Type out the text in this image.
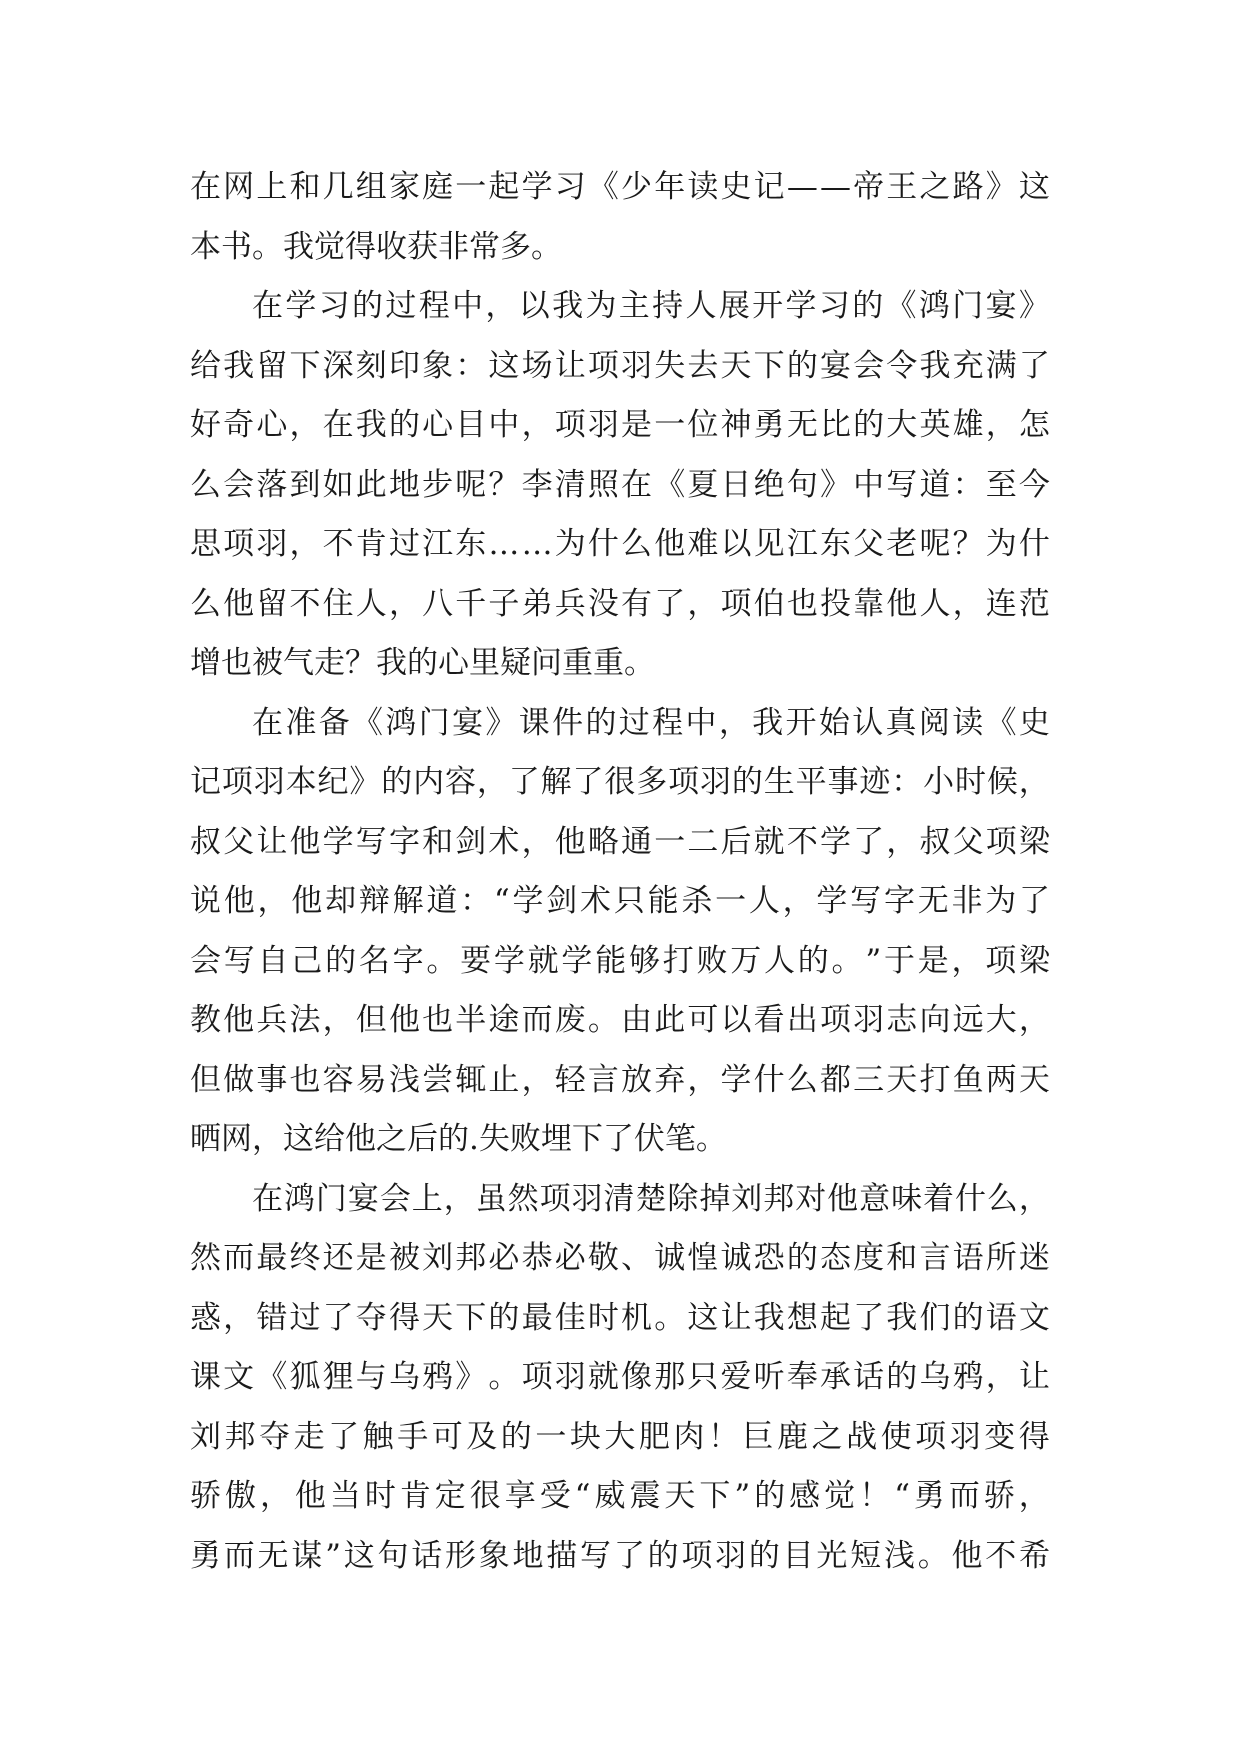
在 网 上 和 几 组 家 庭 一 起 学 习 《 少 年 读 史 记 — — 帝 王 之 路 》 这
本书。我觉得收获非常多。
在 学 习 的 过 程 中 ， 以 我 为 主 持 人 展 开 学 习 的 《 鸿 门 宴 》
给 我 留 下 深 刻 印 象 ： 这 场 让 项 羽 失 去 天 下 的 宴 会 令 我 充 满 了
好 奇 心 ， 在 我 的 心 目 中 ， 项 羽 是 一 位 神 勇 无 比 的 大 英 雄 ， 怎
么 会 落 到 如 此 地 步 呢 ？ 李 清 照 在 《 夏 日 绝 句 》 中 写 道 ： 至 今
思 项 羽 ， 不 肯 过 江 东 … … 为 什 么 他 难 以 见 江 东 父 老 呢 ？ 为 什
么 他 留 不 住 人 ， 八 千 子 弟 兵 没 有 了 ， 项 伯 也 投 靠 他 人 ， 连 范
增也被气走？我的心里疑问重重。
在 准 备 《 鸿 门 宴 》 课 件 的 过 程 中 ， 我 开 始 认 真 阅 读 《 史
记 项 羽 本 纪 》 的 内 容 ， 了 解 了 很 多 项 羽 的 生 平 事 迹 ： 小 时 候 ，
叔 父 让 他 学 写 字 和 剑 术 ， 他 略 通 一 二 后 就 不 学 了 ， 叔 父 项 梁
说 他 ， 他 却 辩 解 道 ： “ 学 剑 术 只 能 杀 一 人 ， 学 写 字 无 非 为 了
会 写 自 己 的 名 字 。 要 学 就 学 能 够 打 败 万 人 的 。 ” 于 是 ， 项 梁
教 他 兵 法 ， 但 他 也 半 途 而 废 。 由 此 可 以 看 出 项 羽 志 向 远 大 ，
但 做 事 也 容 易 浅 尝 辄 止 ， 轻 言 放 弃 ， 学 什 么 都 三 天 打 鱼 两 天
晒网，这给他之后的.失败埋下了伏笔。
在 鸿 门 宴 会 上 ， 虽 然 项 羽 清 楚 除 掉 刘 邦 对 他 意 味 着 什 么 ，
然 而 最 终 还 是 被 刘 邦 必 恭 必 敬 、 诚 惶 诚 恐 的 态 度 和 言 语 所 迷
惑 ， 错 过 了 夺 得 天 下 的 最 佳 时 机 。 这 让 我 想 起 了 我 们 的 语 文
课 文 《 狐 狸 与 乌 鸦 》 。 项 羽 就 像 那 只 爱 听 奉 承 话 的 乌 鸦 ， 让
刘 邦 夺 走 了 触 手 可 及 的 一 块 大 肥 肉 ！ 巨 鹿 之 战 使 项 羽 变 得
骄 傲 ， 他 当 时 肯 定 很 享 受 “ 威 震 天 下 ” 的 感 觉 ！ “ 勇 而 骄 ，
勇 而 无 谋 ” 这 句 话 形 象 地 描 写 了 的 项 羽 的 目 光 短 浅 。 他 不 希
